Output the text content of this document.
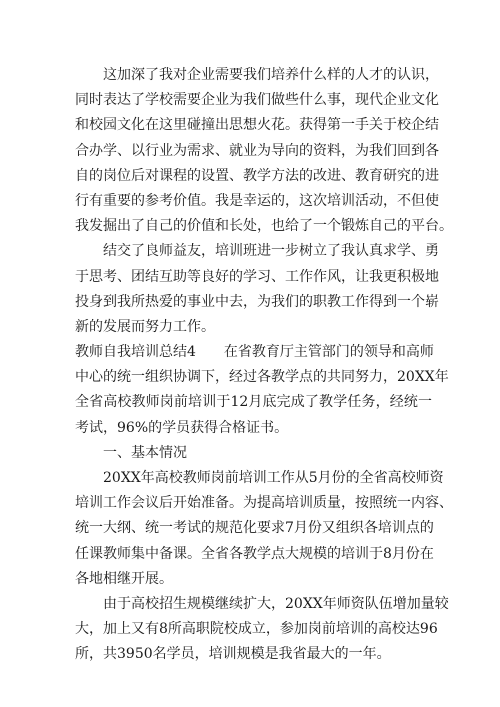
这加深了我对企业需要我们培养什么样的人才的认识，
同时表达了学校需要企业为我们做些什么事，现代企业文化
和校园文化在这里碰撞出思想火花。获得第一手关于校企结
合办学、以行业为需求、就业为导向的资料，为我们回到各
自的岗位后对课程的设置、教学方法的改进、教育研究的进
行有重要的参考价值。我是幸运的，这次培训活动，不但使
我发掘出了自己的价值和长处，也给了一个锻炼自己的平台。
结交了良师益友，培训班进一步树立了我认真求学、勇
于思考、团结互助等良好的学习、工作作风，让我更积极地
投身到我所热爱的事业中去，为我们的职教工作得到一个崭
新的发展而努力工作。
教师自我培训总结4　　在省教育厅主管部门的领导和高师
中心的统一组织协调下，经过各教学点的共同努力，20XX年
全省高校教师岗前培训于12月底完成了教学任务，经统一
考试，96%的学员获得合格证书。
一、基本情况
20XX年高校教师岗前培训工作从5月份的全省高校师资
培训工作会议后开始准备。为提高培训质量，按照统一内容、
统一大纲、统一考试的规范化要求7月份又组织各培训点的
任课教师集中备课。全省各教学点大规模的培训于8月份在
各地相继开展。
由于高校招生规模继续扩大，20XX年师资队伍增加量较
大，加上又有8所高职院校成立，参加岗前培训的高校达96
所，共3950名学员，培训规模是我省最大的一年。
